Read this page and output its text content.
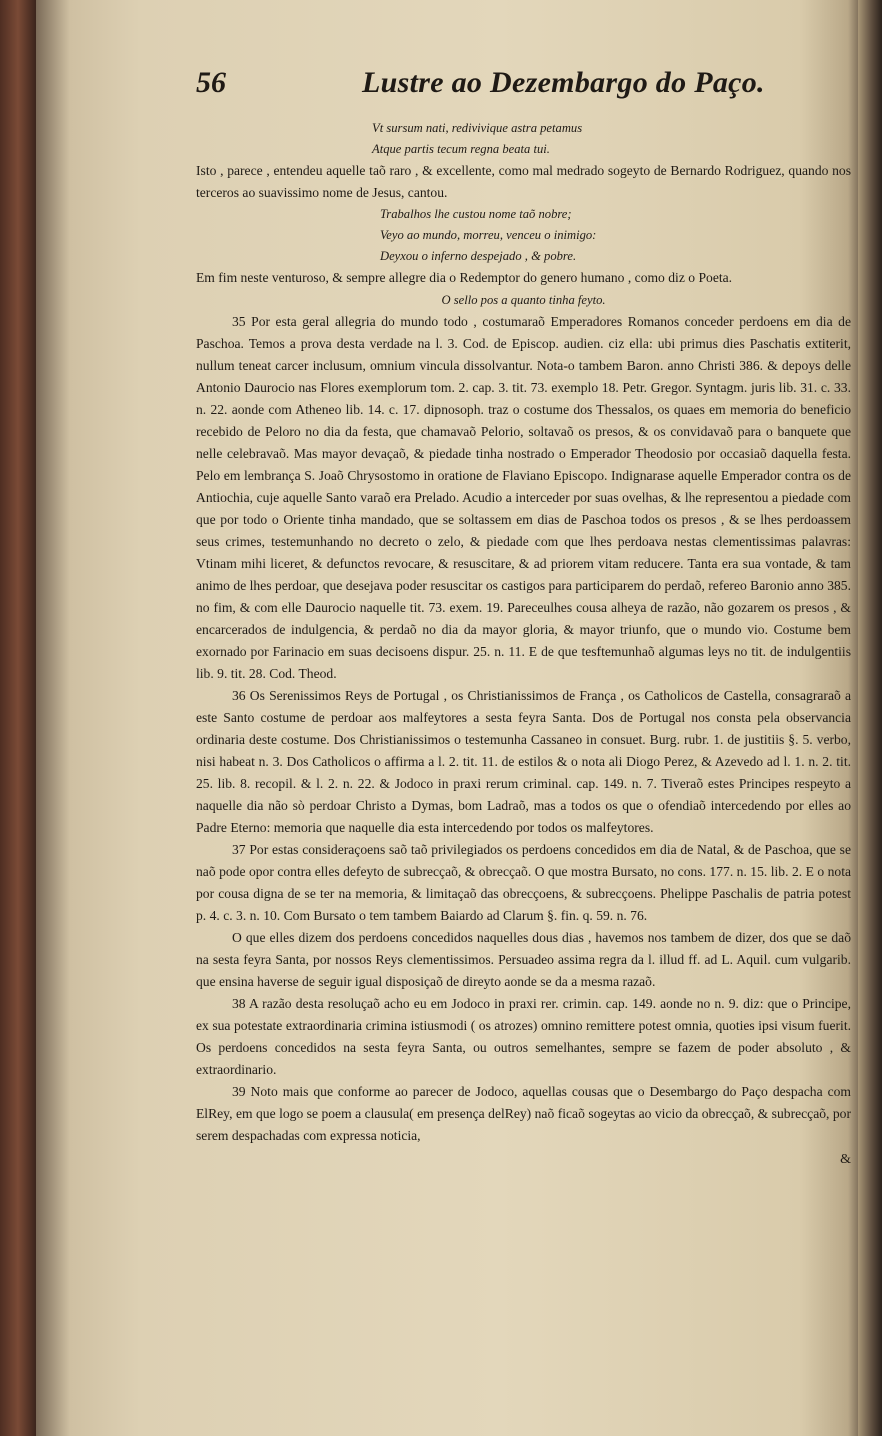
56	Lustre ao Dezembargo do Paço.
Vt sursum nati, redivivique astra petamus
Atque partis tecum regna beata tui.

Isto , parece , entendeu aquelle taõ raro , & excellente, como mal medrado sogeyto de Bernardo Rodriguez, quando nos terceros ao suavissimo nome de Jesus, cantou.

Trabalhos lhe custou nome taõ nobre;
Veyo ao mundo, morreu, venceu o inimigo:
Deyxou o inferno despejado , & pobre.

Em fim neste venturoso, & sempre allegre dia o Redemptor do genero humano , como diz o Poeta.

O sello pos a quanto tinha feyto.

35 Por esta geral allegria do mundo todo , costumaraõ Emperadores Romanos conceder perdoens em dia de Paschoa. Temos a prova desta verdade na l. 3. Cod. de Episcop. audien. ciz ella: ubi primus dies Paschatis extiterit, nullum teneat carcer inclusum, omnium vincula dissolvantur. Nota-o tambem Baron. anno Christi 386. & depoys delle Antonio Daurocio nas Flores exemplorum tom. 2. cap. 3. tit. 73. exemplo 18. Petr. Gregor. Syntagm. juris lib. 31. c. 33. n. 22. aonde com Atheneo lib. 14. c. 17. dipnosoph. traz o costume dos Thessalos, os quaes em memoria do beneficio recebido de Peloro no dia da festa, que chamavaõ Pelorio, soltavaõ os presos, & os convidavaõ para o banquete que nelle celebravaõ. Mas mayor devaçaõ, & piedade tinha nostrado o Emperador Theodosio por occasiaõ daquella festa. Pelo em lembrança S. Joaõ Chrysostomo in oratione de Flaviano Episcopo. Indignarase aquelle Emperador contra os de Antiochia, cuje aquelle Santo varaõ era Prelado. Acudio a interceder por suas ovelhas, & lhe representou a piedade com que por todo o Oriente tinha mandado, que se soltassem em dias de Paschoa todos os presos , & se lhes perdoassem seus crimes, testemunhando no decreto o zelo, & piedade com que lhes perdoava nestas clementissimas palavras: Vtinam mihi liceret, & defunctos revocare, & resuscitare, & ad priorem vitam reducere. Tanta era sua vontade, & tam animo de lhes perdoar, que desejava poder resuscitar os castigos para participarem do perdaõ, refereo Baronio anno 385. no fim, & com elle Daurocio naquelle tit. 73. exem. 19. Pareceulhes cousa alheya de razão, não gozarem os presos , & encarcerados de indulgencia, & perdaõ no dia da mayor gloria, & mayor triunfo, que o mundo vio. Costume bem exornado por Farinacio em suas decisoens dispur. 25. n. 11. E de que tesftemunhaõ algumas leys no tit. de indulgentiis lib. 9. tit. 28. Cod. Theod.

36 Os Serenissimos Reys de Portugal , os Christianissimos de França , os Catholicos de Castella, consagraraõ a este Santo costume de perdoar aos malfeytores a sesta feyra Santa. Dos de Portugal nos consta pela observancia ordinaria deste costume. Dos Christianissimos o testemunha Cassaneo in consuet. Burg. rubr. 1. de justitiis §. 5. verbo, nisi habeat n. 3. Dos Catholicos o affirma a l. 2. tit. 11. de estilos & o nota ali Diogo Perez, & Azevedo ad l. 1. n. 2. tit. 25. lib. 8. recopil. & l. 2. n. 22. & Jodoco in praxi rerum criminal. cap. 149. n. 7. Tiveraõ estes Principes respeyto a naquelle dia não sò perdoar Christo a Dymas, bom Ladraõ, mas a todos os que o ofendiaõ intercedendo por elles ao Padre Eterno: memoria que naquelle dia esta intercedendo por todos os malfeytores.

37 Por estas consideraçoens saõ taõ privilegiados os perdoens concedidos em dia de Natal, & de Paschoa, que se naõ pode opor contra elles defeyto de subrecçaõ, & obrecçaõ. O que mostra Bursato, no cons. 177. n. 15. lib. 2. E o nota por cousa digna de se ter na memoria, & limitaçaõ das obrecçoens, & subrecçoens. Phelippe Paschalis de patria potest p. 4. c. 3. n. 10. Com Bursato o tem tambem Baiardo ad Clarum §. fin. q. 59. n. 76.

O que elles dizem dos perdoens concedidos naquelles dous dias , havemos nos tambem de dizer, dos que se daõ na sesta feyra Santa, por nossos Reys clementissimos. Persuadeo assima regra da l. illud ff. ad L. Aquil. cum vulgarib. que ensina haverse de seguir igual disposiçaõ de direyto aonde se da a mesma razaõ.

38 A razão desta resoluçaõ acho eu em Jodoco in praxi rer. crimin. cap. 149. aonde no n. 9. diz: que o Principe, ex sua potestate extraordinaria crimina istiusmodi ( os atrozes) omnino remittere potest omnia, quoties ipsi visum fuerit. Os perdoens concedidos na sesta feyra Santa, ou outros semelhantes, sempre se fazem de poder absoluto , & extraordinario.

39 Noto mais que conforme ao parecer de Jodoco, aquellas cousas que o Desembargo do Paço despacha com ElRey, em que logo se poem a clausula( em presença delRey) naõ ficaõ sogeytas ao vicio da obrecçaõ, & subrecçaõ, por serem despachadas com expressa noticia,

&
